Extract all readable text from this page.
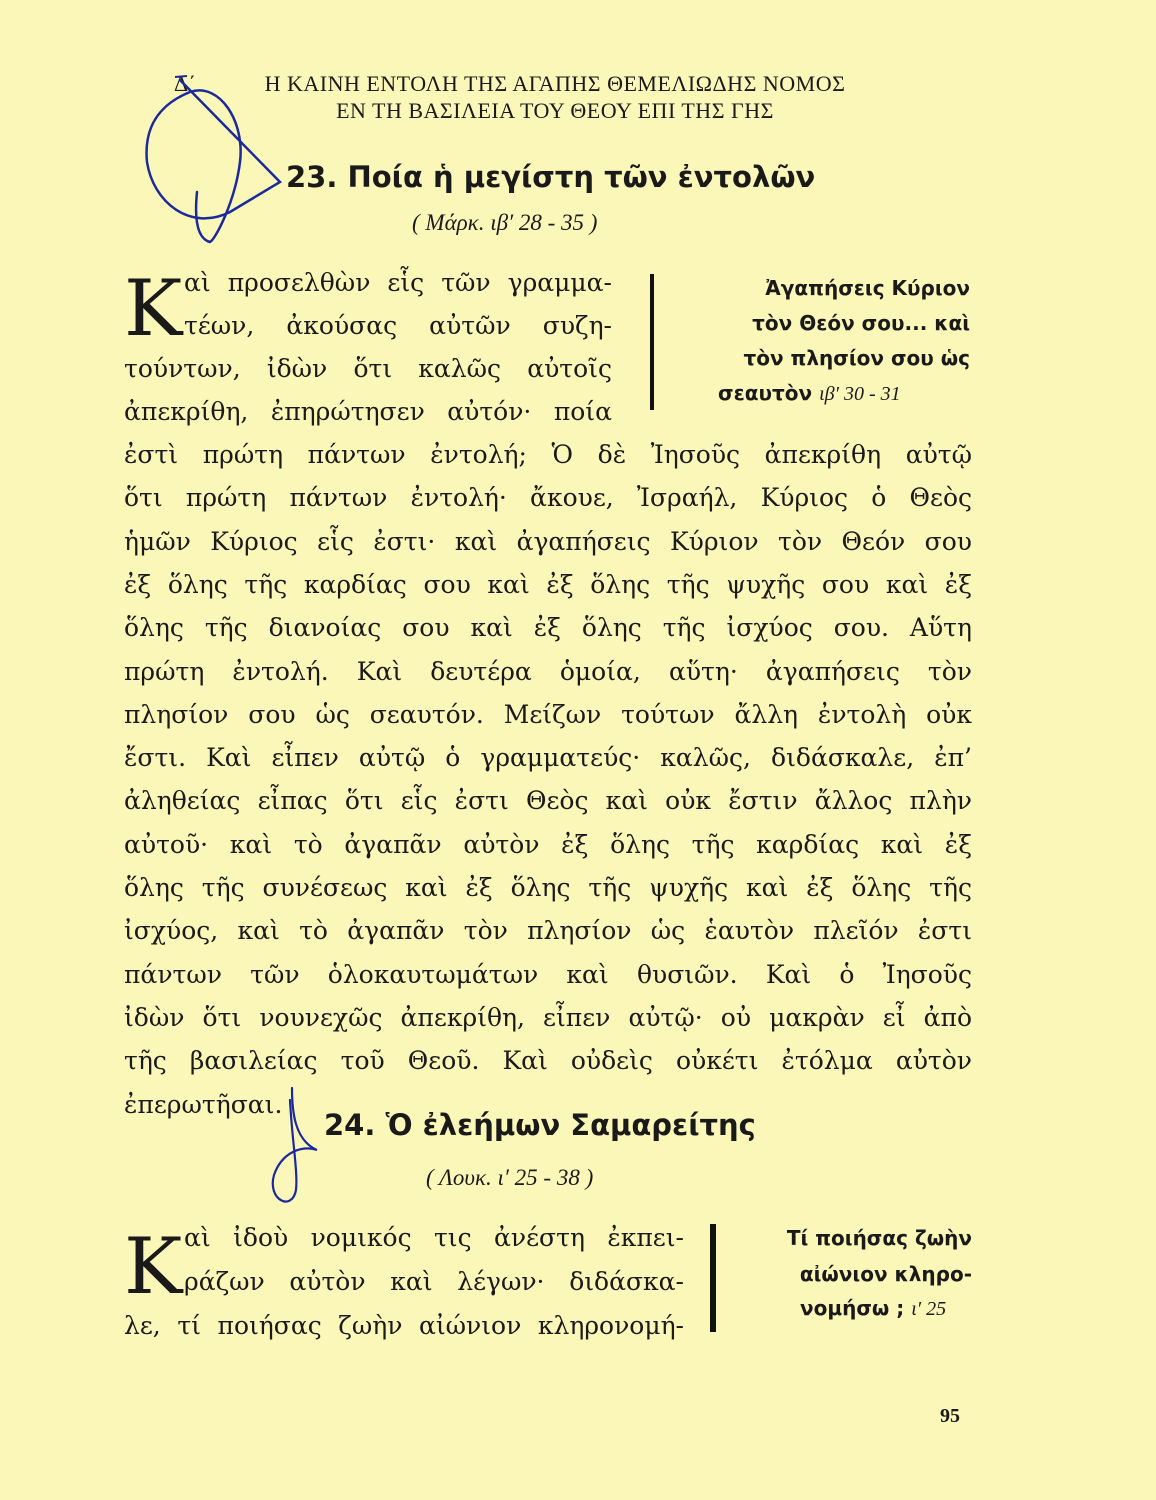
Δ΄	Η ΚΑΙΝΗ ΕΝΤΟΛΗ ΤΗΣ ΑΓΑΠΗΣ ΘΕΜΕΛΙΩΔΗΣ ΝΟΜΟΣ
ΕΝ ΤΗ ΒΑΣΙΛΕΙΑ ΤΟΥ ΘΕΟΥ ΕΠΙ ΤΗΣ ΓΗΣ
23. Ποία ἡ μεγίστη τῶν ἐντολῶν
( Μάρκ. ιβ′ 28 - 35 )
Κ αὶ προσελθὼν εἷς τῶν γραμμα-
τέων, ἀκούσας αὐτῶν συζη-
τούντων, ἰδὼν ὅτι καλῶς αὐτοῖς
ἀπεκρίθη, ἐπηρώτησεν αὐτόν· ποία
Ἀγαπήσεις Κύριον
τὸν Θεόν σου... καὶ
τὸν πλησίον σου ὡς
σεαυτὸν ιβ′ 30 - 31
ἐστὶ πρώτη πάντων ἐντολή; Ὁ δὲ Ἰησοῦς ἀπεκρίθη αὐτῷ
ὅτι πρώτη πάντων ἐντολή· ἄκουε, Ἰσραήλ, Κύριος ὁ Θεὸς
ἡμῶν Κύριος εἷς ἐστι· καὶ ἀγαπήσεις Κύριον τὸν Θεόν σου
ἐξ ὅλης τῆς καρδίας σου καὶ ἐξ ὅλης τῆς ψυχῆς σου καὶ ἐξ
ὅλης τῆς διανοίας σου καὶ ἐξ ὅλης τῆς ἰσχύος σου. Αὕτη
πρώτη ἐντολή. Καὶ δευτέρα ὁμοία, αὕτη· ἀγαπήσεις τὸν
πλησίον σου ὡς σεαυτόν. Μείζων τούτων ἄλλη ἐντολὴ οὐκ
ἔστι. Καὶ εἶπεν αὐτῷ ὁ γραμματεύς· καλῶς, διδάσκαλε, ἐπ’
ἀληθείας εἶπας ὅτι εἷς ἐστι Θεὸς καὶ οὐκ ἔστιν ἄλλος πλὴν
αὐτοῦ· καὶ τὸ ἀγαπᾶν αὐτὸν ἐξ ὅλης τῆς καρδίας καὶ ἐξ
ὅλης τῆς συνέσεως καὶ ἐξ ὅλης τῆς ψυχῆς καὶ ἐξ ὅλης τῆς
ἰσχύος, καὶ τὸ ἀγαπᾶν τὸν πλησίον ὡς ἑαυτὸν πλεῖόν ἐστι
πάντων τῶν ὁλοκαυτωμάτων καὶ θυσιῶν. Καὶ ὁ Ἰησοῦς
ἰδὼν ὅτι νουνεχῶς ἀπεκρίθη, εἶπεν αὐτῷ· οὐ μακρὰν εἶ ἀπὸ
τῆς βασιλείας τοῦ Θεοῦ. Καὶ οὐδεὶς οὐκέτι ἐτόλμα αὐτὸν
ἐπερωτῆσαι.
24. Ὁ ἐλεήμων Σαμαρείτης
( Λουκ. ι′ 25 - 38 )
Κ αὶ ἰδοὺ νομικός τις ἀνέστη ἐκπει-
ράζων αὐτὸν καὶ λέγων· διδάσκα-
λε, τί ποιήσας ζωὴν αἰώνιον κληρονομή-
Τί ποιήσας ζωὴν
αἰώνιον κληρο-
νομήσω ; ι′ 25
95
